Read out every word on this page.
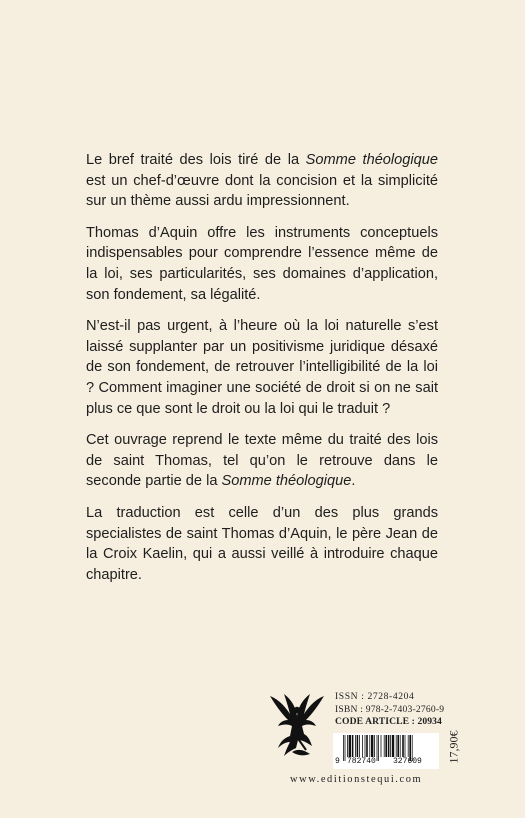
Le bref traité des lois tiré de la Somme théologique est un chef-d’œuvre dont la concision et la simplicité sur un thème aussi ardu impressionnent.

Thomas d’Aquin offre les instruments conceptuels indispensables pour comprendre l’essence même de la loi, ses particularités, ses domaines d’application, son fondement, sa légalité.

N’est-il pas urgent, à l’heure où la loi naturelle s’est laissé supplanter par un positivisme juridique désaxé de son fondement, de retrouver l’intelligibilité de la loi ? Comment imaginer une société de droit si on ne sait plus ce que sont le droit ou la loi qui le traduit ?

Cet ouvrage reprend le texte même du traité des lois de saint Thomas, tel qu’on le retrouve dans le seconde partie de la Somme théologique.

La traduction est celle d’un des plus grands specialistes de saint Thomas d’Aquin, le père Jean de la Croix Kaelin, qui a aussi veillé à introduire chaque chapitre.

ISSN : 2728-4204
ISBN : 978-2-7403-2760-9
CODE ARTICLE : 20934
9 782740 327609 17,90€
www.editionstequi.com
